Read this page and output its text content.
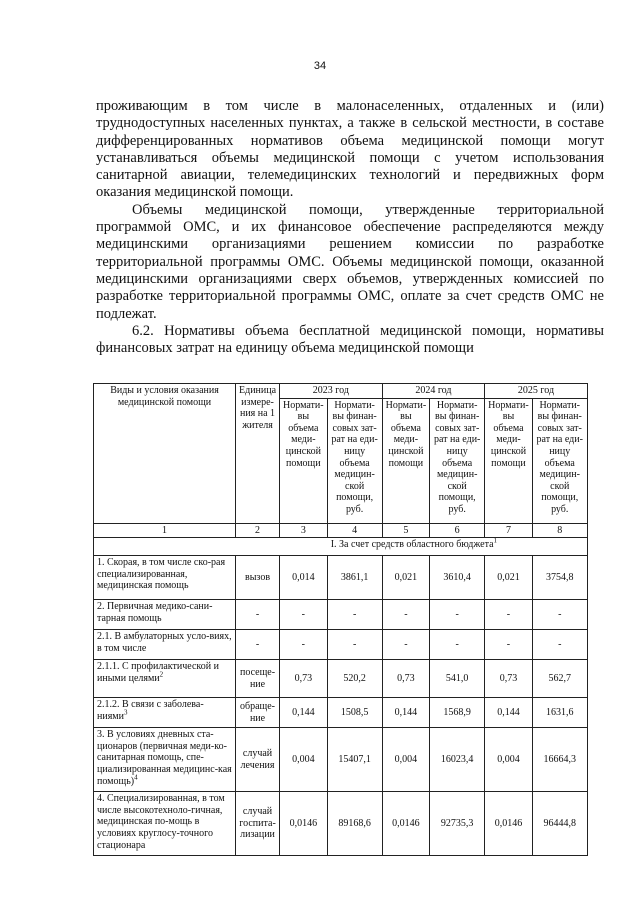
34

проживающим в том числе в малонаселенных, отдаленных и (или) труднодоступных населенных пунктах, а также в сельской местности, в составе дифференцированных нормативов объема медицинской помощи могут устанавливаться объемы медицинской помощи с учетом использования санитарной авиации, телемедицинских технологий и передвижных форм оказания медицинской помощи.

Объемы медицинской помощи, утвержденные территориальной программой ОМС, и их финансовое обеспечение распределяются между медицинскими организациями решением комиссии по разработке территориальной программы ОМС. Объемы медицинской помощи, оказанной медицинскими организациями сверх объемов, утвержденных комиссией по разработке территориальной программы ОМС, оплате за счет средств ОМС не подлежат.

6.2. Нормативы объема бесплатной медицинской помощи, нормативы финансовых затрат на единицу объема медицинской помощи

Виды и условия оказания медицинской помощи	Единица измере-ния на 1 жителя	2023 год		2024 год		2025 год	
		Нормати-вы объема меди-цинской помощи	Нормати-вы финан-совых зат-рат на еди-ницу объема медицин-ской помощи, руб.	Нормати-вы объема меди-цинской помощи	Нормати-вы финан-совых зат-рат на еди-ницу объема медицин-ской помощи, руб.	Нормати-вы объема меди-цинской помощи	Нормати-вы финан-совых зат-рат на еди-ницу объема медицин-ской помощи, руб.
1	2	3	4	5	6	7	8
I. За счет средств областного бюджета$^1$
1. Скорая, в том числе ско-рая специализированная, медицинская помощь	вызов	0,014	3861,1	0,021	3610,4	0,021	3754,8
2. Первичная медико-сани-тарная помощь	-	-	-	-	-	-	-
2.1. В амбулаторных усло-виях, в том числе	-	-	-	-	-	-	-
2.1.1. С профилактической и иными целями$^2$	посеще-ние	0,73	520,2	0,73	541,0	0,73	562,7
2.1.2. В связи с заболева-ниями$^3$	обраще-ние	0,144	1508,5	0,144	1568,9	0,144	1631,6
3. В условиях дневных ста-ционаров (первичная меди-ко-санитарная помощь, спе-циализированная медицинс-кая помощь)$^4$	случай лечения	0,004	15407,1	0,004	16023,4	0,004	16664,3
4. Специализированная, в том числе высокотехноло-гичная, медицинская по-мощь в условиях круглосу-точного стационара	случай госпита-лизации	0,0146	89168,6	0,0146	92735,3	0,0146	96444,8
